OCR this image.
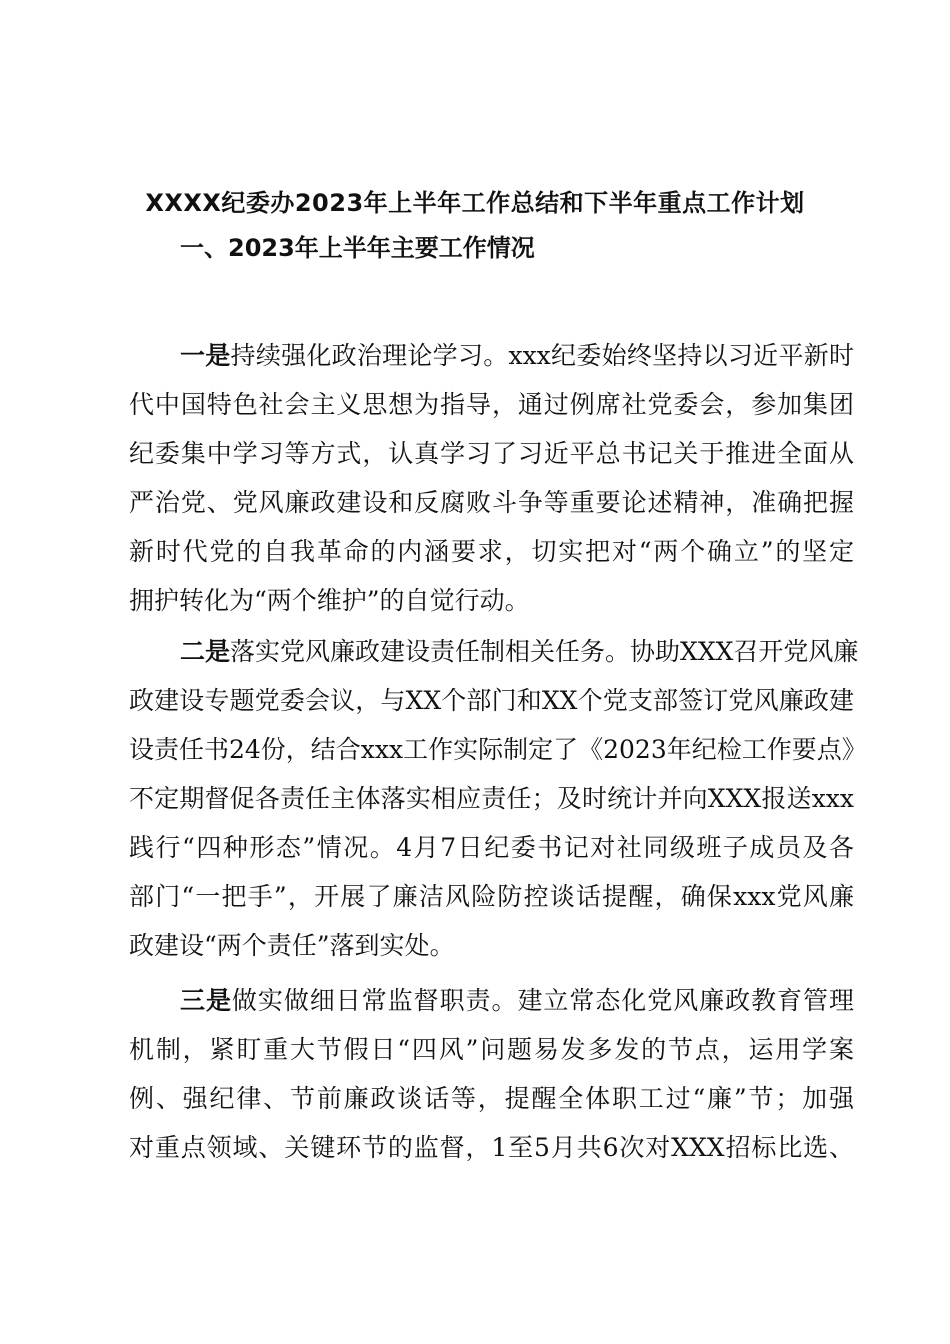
XXXX纪委办2023年上半年工作总结和下半年重点工作计划
一、2023年上半年主要工作情况
一是持续强化政治理论学习。xxx纪委始终坚持以习近平新时
代中国特色社会主义思想为指导，通过例席社党委会，参加集团
纪委集中学习等方式，认真学习了习近平总书记关于推进全面从
严治党、党风廉政建设和反腐败斗争等重要论述精神，准确把握
新时代党的自我革命的内涵要求，切实把对“两个确立”的坚定
拥护转化为“两个维护”的自觉行动。
二是落实党风廉政建设责任制相关任务。协助XXX召开党风廉
政建设专题党委会议，与XX个部门和XX个党支部签订党风廉政建
设责任书24份，结合xxx工作实际制定了《2023年纪检工作要点》
不定期督促各责任主体落实相应责任；及时统计并向XXX报送xxx
践行“四种形态”情况。4月7日纪委书记对社同级班子成员及各
部门“一把手”，开展了廉洁风险防控谈话提醒，确保xxx党风廉
政建设“两个责任”落到实处。
三是做实做细日常监督职责。建立常态化党风廉政教育管理
机制，紧盯重大节假日“四风”问题易发多发的节点，运用学案
例、强纪律、节前廉政谈话等，提醒全体职工过“廉”节；加强
对重点领域、关键环节的监督，1至5月共6次对XXX招标比选、
